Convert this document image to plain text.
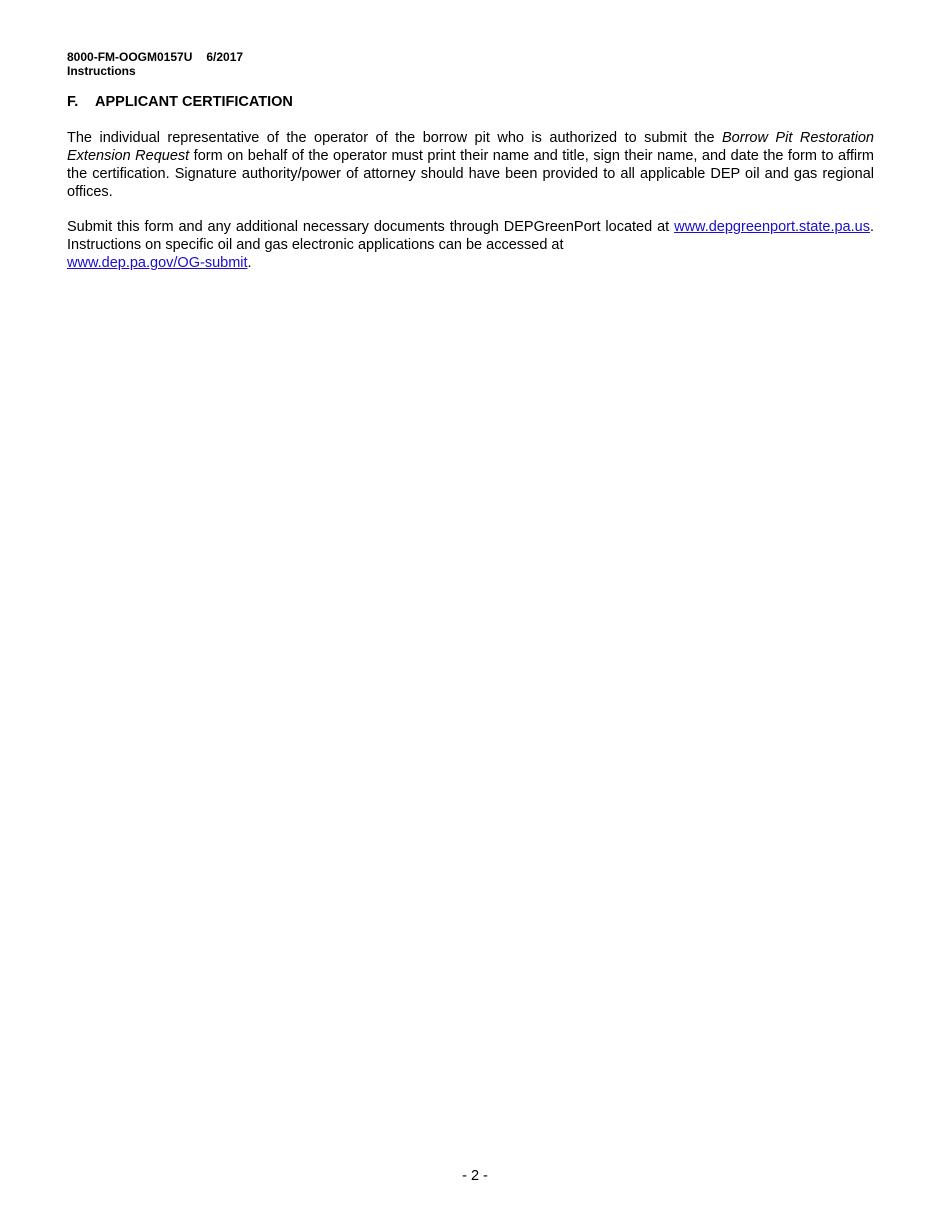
8000-FM-OOGM0157U 6/2017
Instructions
F. APPLICANT CERTIFICATION

The individual representative of the operator of the borrow pit who is authorized to submit the Borrow Pit Restoration Extension Request form on behalf of the operator must print their name and title, sign their name, and date the form to affirm the certification. Signature authority/power of attorney should have been provided to all applicable DEP oil and gas regional offices.

Submit this form and any additional necessary documents through DEPGreenPort located at www.depgreenport.state.pa.us. Instructions on specific oil and gas electronic applications can be accessed at
www.dep.pa.gov/OG-submit.

- 2 -
